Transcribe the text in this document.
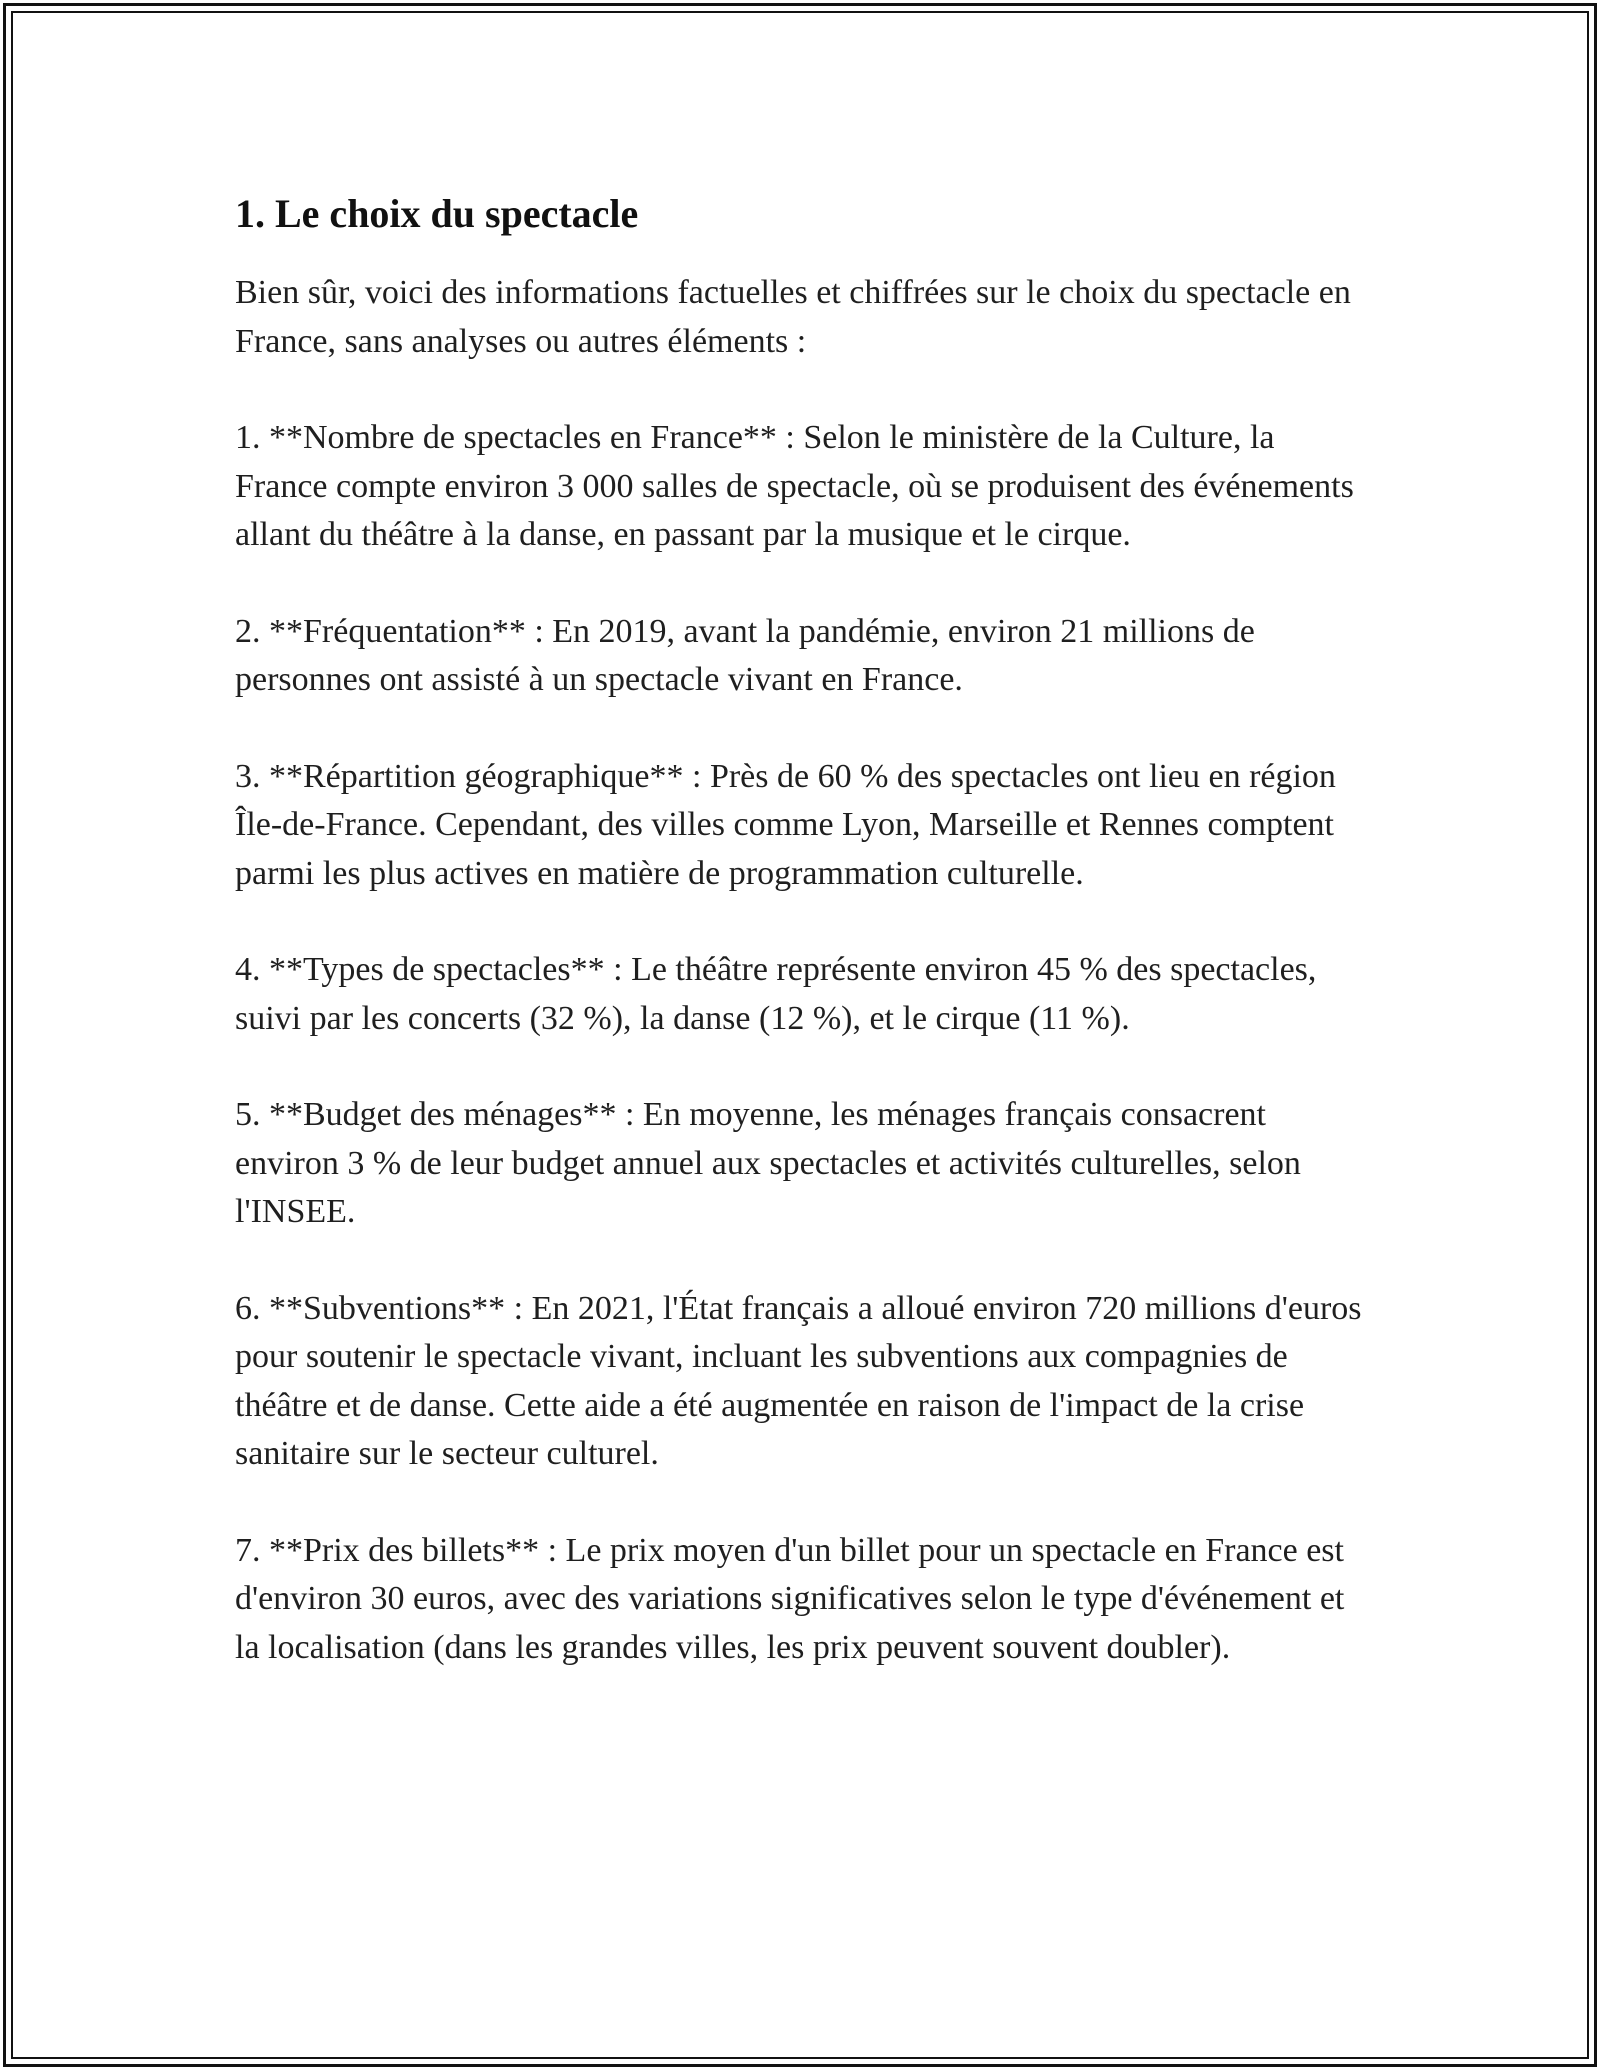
1. Le choix du spectacle

Bien sûr, voici des informations factuelles et chiffrées sur le choix du spectacle en France, sans analyses ou autres éléments :

1. **Nombre de spectacles en France** : Selon le ministère de la Culture, la France compte environ 3 000 salles de spectacle, où se produisent des événements allant du théâtre à la danse, en passant par la musique et le cirque.

2. **Fréquentation** : En 2019, avant la pandémie, environ 21 millions de personnes ont assisté à un spectacle vivant en France.

3. **Répartition géographique** : Près de 60 % des spectacles ont lieu en région Île-de-France. Cependant, des villes comme Lyon, Marseille et Rennes comptent parmi les plus actives en matière de programmation culturelle.

4. **Types de spectacles** : Le théâtre représente environ 45 % des spectacles, suivi par les concerts (32 %), la danse (12 %), et le cirque (11 %).

5. **Budget des ménages** : En moyenne, les ménages français consacrent environ 3 % de leur budget annuel aux spectacles et activités culturelles, selon l'INSEE.

6. **Subventions** : En 2021, l'État français a alloué environ 720 millions d'euros pour soutenir le spectacle vivant, incluant les subventions aux compagnies de théâtre et de danse. Cette aide a été augmentée en raison de l'impact de la crise sanitaire sur le secteur culturel.

7. **Prix des billets** : Le prix moyen d'un billet pour un spectacle en France est d'environ 30 euros, avec des variations significatives selon le type d'événement et la localisation (dans les grandes villes, les prix peuvent souvent doubler).
